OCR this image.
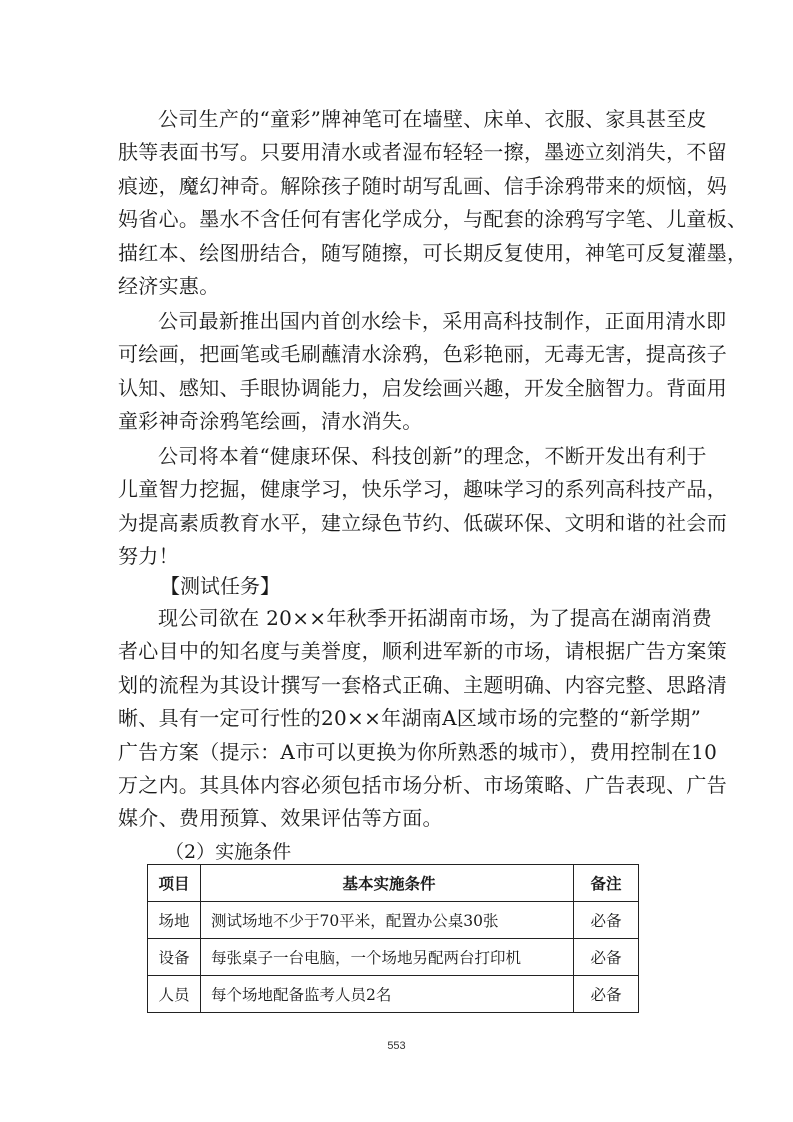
公司生产的“童彩”牌神笔可在墙壁、床单、衣服、家具甚至皮
肤等表面书写。只要用清水或者湿布轻轻一擦，墨迹立刻消失，不留
痕迹，魔幻神奇。解除孩子随时胡写乱画、信手涂鸦带来的烦恼，妈
妈省心。墨水不含任何有害化学成分，与配套的涂鸦写字笔、儿童板、
描红本、绘图册结合，随写随擦，可长期反复使用，神笔可反复灌墨，
经济实惠。
公司最新推出国内首创水绘卡，采用高科技制作，正面用清水即
可绘画，把画笔或毛刷蘸清水涂鸦，色彩艳丽，无毒无害，提高孩子
认知、感知、手眼协调能力，启发绘画兴趣，开发全脑智力。背面用
童彩神奇涂鸦笔绘画，清水消失。
公司将本着“健康环保、科技创新”的理念，不断开发出有利于
儿童智力挖掘，健康学习，快乐学习，趣味学习的系列高科技产品，
为提高素质教育水平，建立绿色节约、低碳环保、文明和谐的社会而
努力！
【测试任务】
现公司欲在 20××年秋季开拓湖南市场，为了提高在湖南消费
者心目中的知名度与美誉度，顺利进军新的市场，请根据广告方案策
划的流程为其设计撰写一套格式正确、主题明确、内容完整、思路清
晰、具有一定可行性的20××年湖南A区域市场的完整的“新学期”
广告方案（提示：A市可以更换为你所熟悉的城市），费用控制在10
万之内。其具体内容必须包括市场分析、市场策略、广告表现、广告
媒介、费用预算、效果评估等方面。
（2）实施条件
项目	基本实施条件	备注
场地	测试场地不少于70平米，配置办公桌30张	必备
设备	每张桌子一台电脑，一个场地另配两台打印机	必备
人员	每个场地配备监考人员2名	必备
553
